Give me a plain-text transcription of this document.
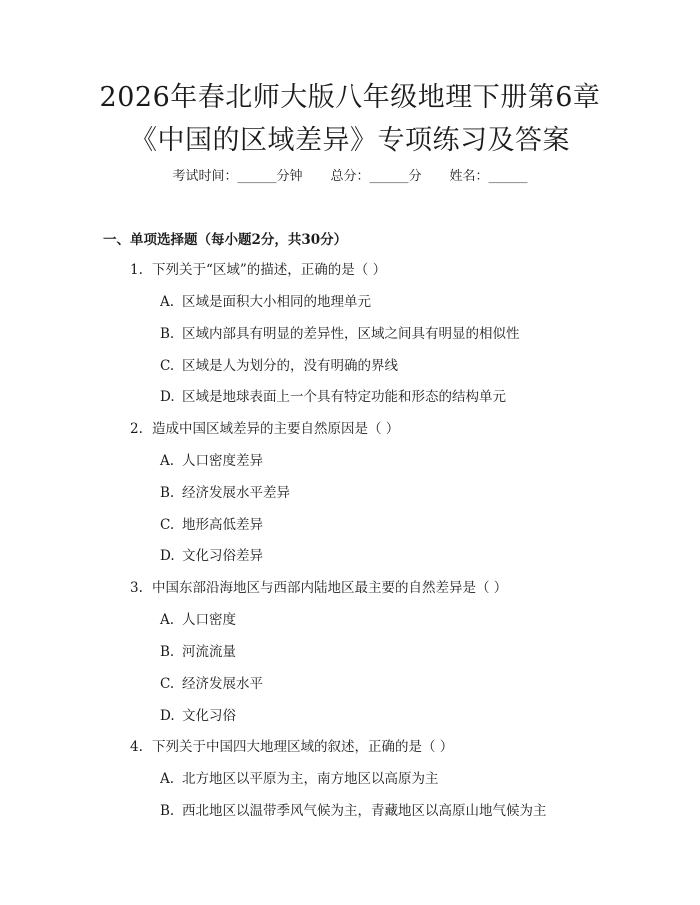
2026年春北师大版八年级地理下册第6章
《中国的区域差异》专项练习及答案
考试时间：______分钟 总分：______分 姓名：______
一、单项选择题（每小题2分，共30分）
1. 下列关于“区域”的描述，正确的是（ ）
A. 区域是面积大小相同的地理单元
B. 区域内部具有明显的差异性，区域之间具有明显的相似性
C. 区域是人为划分的，没有明确的界线
D. 区域是地球表面上一个具有特定功能和形态的结构单元
2. 造成中国区域差异的主要自然原因是（ ）
A. 人口密度差异
B. 经济发展水平差异
C. 地形高低差异
D. 文化习俗差异
3. 中国东部沿海地区与西部内陆地区最主要的自然差异是（ ）
A. 人口密度
B. 河流流量
C. 经济发展水平
D. 文化习俗
4. 下列关于中国四大地理区域的叙述，正确的是（ ）
A. 北方地区以平原为主，南方地区以高原为主
B. 西北地区以温带季风气候为主，青藏地区以高原山地气候为主
